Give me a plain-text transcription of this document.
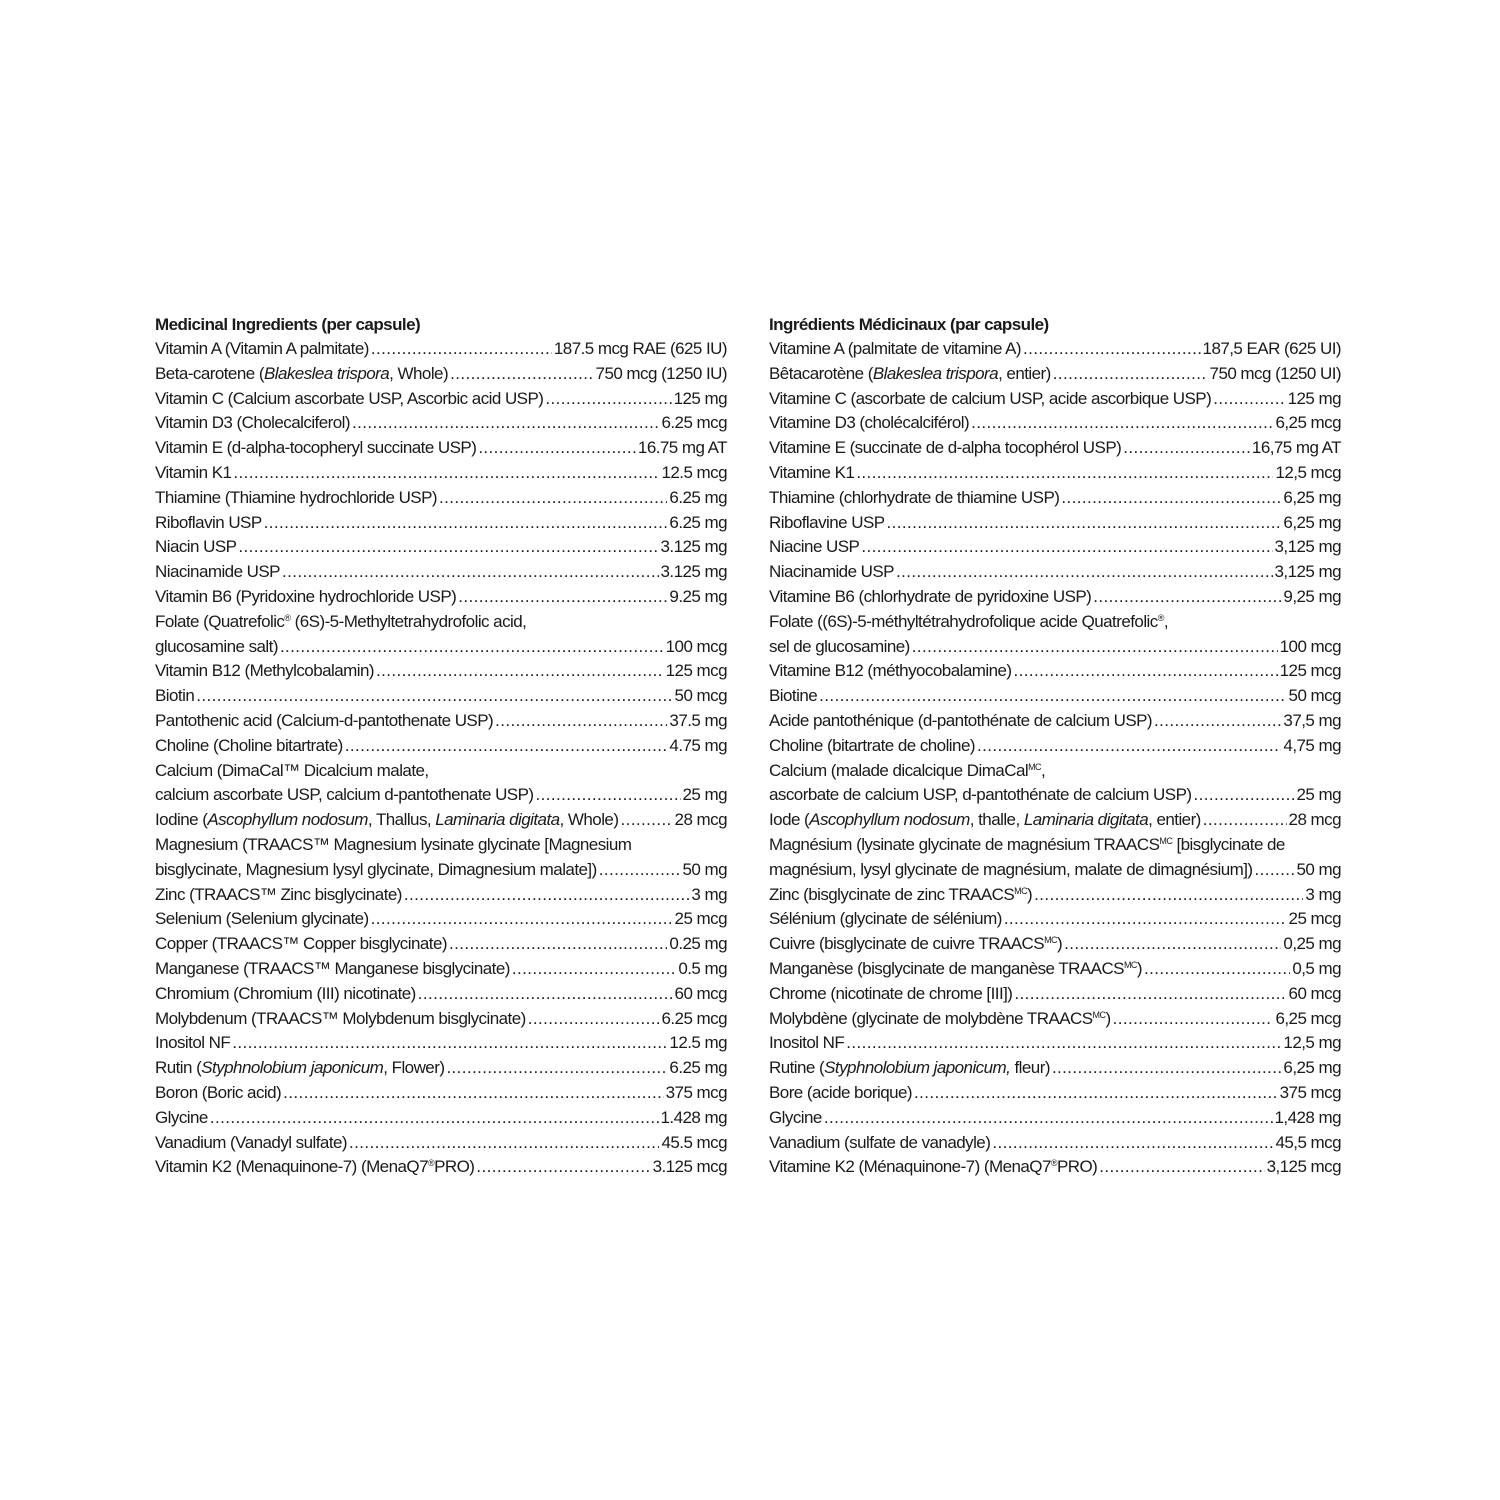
Medicinal Ingredients (per capsule)
Vitamin A (Vitamin A palmitate) .....	187.5 mcg RAE (625 IU)
Beta-carotene (Blakeslea trispora, Whole) .....	750 mcg (1250 IU)
Vitamin C (Calcium ascorbate USP, Ascorbic acid USP) .....	125 mg
Vitamin D3 (Cholecalciferol) .....	6.25 mcg
Vitamin E (d-alpha-tocopheryl succinate USP) .....	16.75 mg AT
Vitamin K1 .....	12.5 mcg
Thiamine (Thiamine hydrochloride USP) .....	6.25 mg
Riboflavin USP .....	6.25 mg
Niacin USP .....	3.125 mg
Niacinamide USP .....	3.125 mg
Vitamin B6 (Pyridoxine hydrochloride USP) .....	9.25 mg
Folate (Quatrefolic® (6S)-5-Methyltetrahydrofolic acid,
glucosamine salt) .....	100 mcg
Vitamin B12 (Methylcobalamin) .....	125 mcg
Biotin .....	50 mcg
Pantothenic acid (Calcium-d-pantothenate USP) .....	37.5 mg
Choline (Choline bitartrate) .....	4.75 mg
Calcium (DimaCal™ Dicalcium malate,
calcium ascorbate USP, calcium d-pantothenate USP) .....	25 mg
Iodine (Ascophyllum nodosum, Thallus, Laminaria digitata, Whole) .....	28 mcg
Magnesium (TRAACS™ Magnesium lysinate glycinate [Magnesium
bisglycinate, Magnesium lysyl glycinate, Dimagnesium malate]) .....	50 mg
Zinc (TRAACS™ Zinc bisglycinate) .....	3 mg
Selenium (Selenium glycinate) .....	25 mcg
Copper (TRAACS™ Copper bisglycinate) .....	0.25 mg
Manganese (TRAACS™ Manganese bisglycinate) .....	0.5 mg
Chromium (Chromium (III) nicotinate) .....	60 mcg
Molybdenum (TRAACS™ Molybdenum bisglycinate) .....	6.25 mcg
Inositol NF .....	12.5 mg
Rutin (Styphnolobium japonicum, Flower) .....	6.25 mg
Boron (Boric acid) .....	375 mcg
Glycine .....	1.428 mg
Vanadium (Vanadyl sulfate) .....	45.5 mcg
Vitamin K2 (Menaquinone-7) (MenaQ7®PRO) .....	3.125 mcg
Ingrédients Médicinaux (par capsule)
Vitamine A (palmitate de vitamine A) .....	187,5 EAR (625 UI)
Bêtacarotène (Blakeslea trispora, entier) .....	750 mcg (1250 UI)
Vitamine C (ascorbate de calcium USP, acide ascorbique USP) .....	125 mg
Vitamine D3 (cholécalciférol) .....	6,25 mcg
Vitamine E (succinate de d-alpha tocophérol USP) .....	16,75 mg AT
Vitamine K1 .....	12,5 mcg
Thiamine (chlorhydrate de thiamine USP) .....	6,25 mg
Riboflavine USP .....	6,25 mg
Niacine USP .....	3,125 mg
Niacinamide USP .....	3,125 mg
Vitamine B6 (chlorhydrate de pyridoxine USP) .....	9,25 mg
Folate ((6S)-5-méthyltétrahydrofolique acide Quatrefolic®,
sel de glucosamine) .....	100 mcg
Vitamine B12 (méthyocobalamine) .....	125 mcg
Biotine .....	50 mcg
Acide pantothénique (d-pantothénate de calcium USP) .....	37,5 mg
Choline (bitartrate de choline) .....	4,75 mg
Calcium (malade dicalcique DimaCal$^{MC}$,
ascorbate de calcium USP, d-pantothénate de calcium USP) .....	25 mg
Iode (Ascophyllum nodosum, thalle, Laminaria digitata, entier) .....	28 mcg
Magnésium (lysinate glycinate de magnésium $TRAACS^{MC}$ [bisglycinate de
magnésium, lysyl glycinate de magnésium, malate de dimagnésium]) .....	50 mg
Zinc (bisglycinate de zinc $TRAACS^{MC}$) .....	3 mg
Sélénium (glycinate de sélénium) .....	25 mcg
Cuivre (bisglycinate de cuivre $TRAACS^{MC}$) .....	0,25 mg
Manganèse (bisglycinate de manganèse $TRAACS^{MC}$) .....	0,5 mg
Chrome (nicotinate de chrome [III]) .....	60 mcg
Molybdène (glycinate de molybdène $TRAACS^{MC}$) .....	6,25 mcg
Inositol NF .....	12,5 mg
Rutine (Styphnolobium japonicum, fleur) .....	6,25 mg
Bore (acide borique) .....	375 mcg
Glycine .....	1,428 mg
Vanadium (sulfate de vanadyle) .....	45,5 mcg
Vitamine K2 (Ménaquinone-7) (MenaQ7®PRO) .....	3,125 mcg
